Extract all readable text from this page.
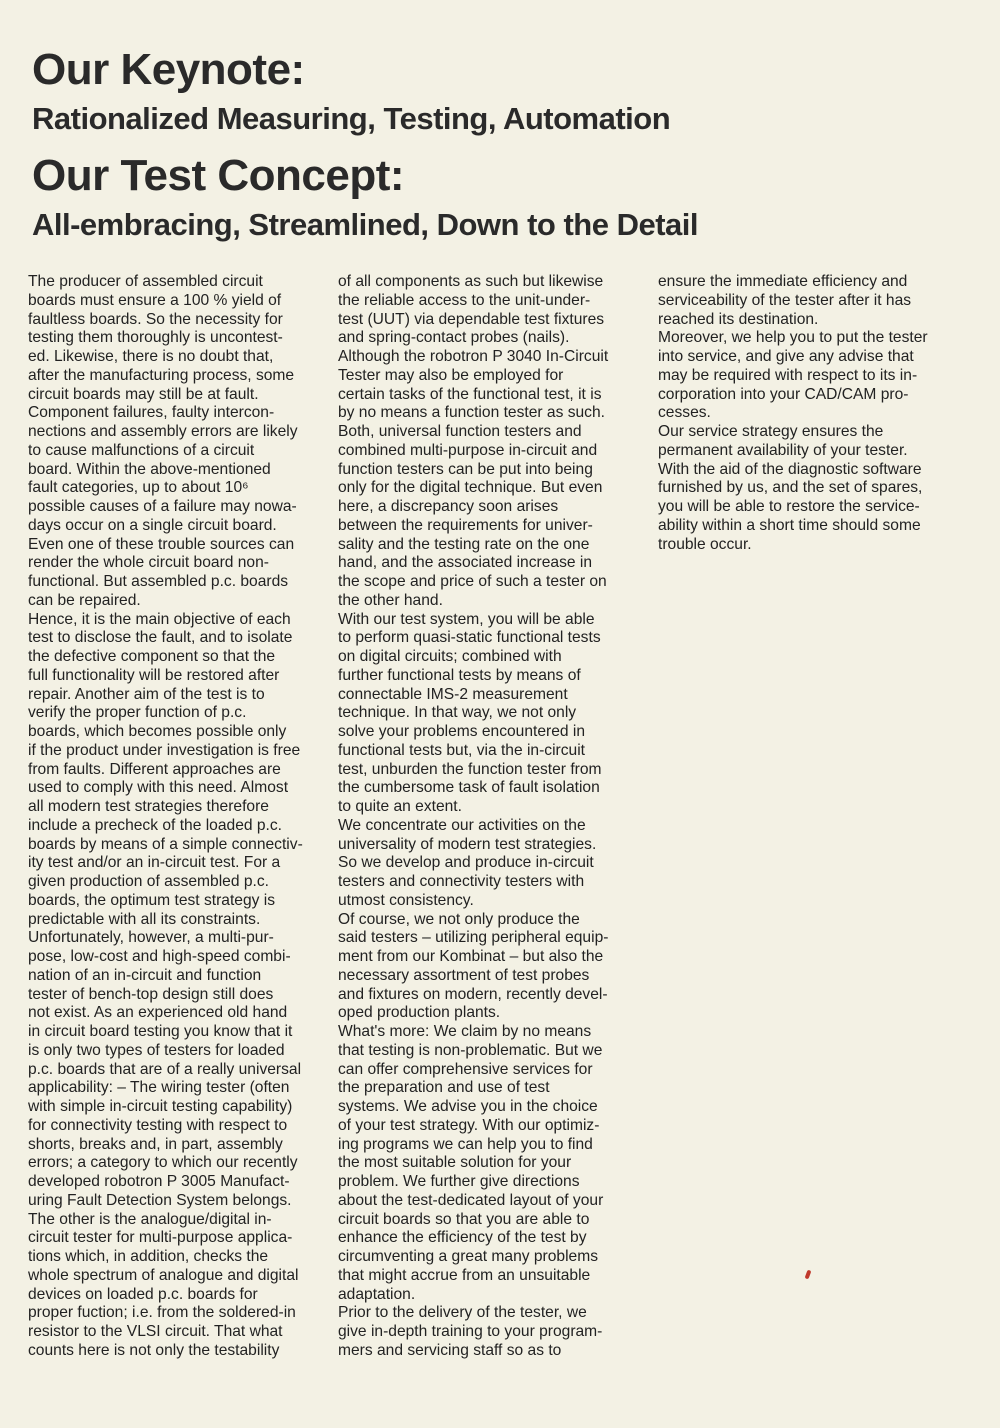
Our Keynote:
Rationalized Measuring, Testing, Automation
Our Test Concept:
All-embracing, Streamlined, Down to the Detail

The producer of assembled circuit
boards must ensure a 100 % yield of
faultless boards. So the necessity for
testing them thoroughly is uncontest-
ed. Likewise, there is no doubt that,
after the manufacturing process, some
circuit boards may still be at fault.
Component failures, faulty intercon-
nections and assembly errors are likely
to cause malfunctions of a circuit
board. Within the above-mentioned
fault categories, up to about 10⁶
possible causes of a failure may nowa-
days occur on a single circuit board.
Even one of these trouble sources can
render the whole circuit board non-
functional. But assembled p.c. boards
can be repaired.

Hence, it is the main objective of each
test to disclose the fault, and to isolate
the defective component so that the
full functionality will be restored after
repair. Another aim of the test is to
verify the proper function of p.c.
boards, which becomes possible only
if the product under investigation is free
from faults. Different approaches are
used to comply with this need. Almost
all modern test strategies therefore
include a precheck of the loaded p.c.
boards by means of a simple connectiv-
ity test and/or an in-circuit test. For a
given production of assembled p.c.
boards, the optimum test strategy is
predictable with all its constraints.
Unfortunately, however, a multi-pur-
pose, low-cost and high-speed combi-
nation of an in-circuit and function
tester of bench-top design still does
not exist. As an experienced old hand
in circuit board testing you know that it
is only two types of testers for loaded
p.c. boards that are of a really universal
applicability: – The wiring tester (often
with simple in-circuit testing capability)
for connectivity testing with respect to
shorts, breaks and, in part, assembly
errors; a category to which our recently
developed robotron P 3005 Manufact-
uring Fault Detection System belongs.
The other is the analogue/digital in-
circuit tester for multi-purpose applica-
tions which, in addition, checks the
whole spectrum of analogue and digital
devices on loaded p.c. boards for
proper fuction; i.e. from the soldered-in
resistor to the VLSI circuit. That what
counts here is not only the testability

of all components as such but likewise
the reliable access to the unit-under-
test (UUT) via dependable test fixtures
and spring-contact probes (nails).
Although the robotron P 3040 In-Circuit
Tester may also be employed for
certain tasks of the functional test, it is
by no means a function tester as such.
Both, universal function testers and
combined multi-purpose in-circuit and
function testers can be put into being
only for the digital technique. But even
here, a discrepancy soon arises
between the requirements for univer-
sality and the testing rate on the one
hand, and the associated increase in
the scope and price of such a tester on
the other hand.

With our test system, you will be able
to perform quasi-static functional tests
on digital circuits; combined with
further functional tests by means of
connectable IMS-2 measurement
technique. In that way, we not only
solve your problems encountered in
functional tests but, via the in-circuit
test, unburden the function tester from
the cumbersome task of fault isolation
to quite an extent.

We concentrate our activities on the
universality of modern test strategies.
So we develop and produce in-circuit
testers and connectivity testers with
utmost consistency.

Of course, we not only produce the
said testers – utilizing peripheral equip-
ment from our Kombinat – but also the
necessary assortment of test probes
and fixtures on modern, recently devel-
oped production plants.

What's more: We claim by no means
that testing is non-problematic. But we
can offer comprehensive services for
the preparation and use of test
systems. We advise you in the choice
of your test strategy. With our optimiz-
ing programs we can help you to find
the most suitable solution for your
problem. We further give directions
about the test-dedicated layout of your
circuit boards so that you are able to
enhance the efficiency of the test by
circumventing a great many problems
that might accrue from an unsuitable
adaptation.

Prior to the delivery of the tester, we
give in-depth training to your program-
mers and servicing staff so as to

ensure the immediate efficiency and
serviceability of the tester after it has
reached its destination.

Moreover, we help you to put the tester
into service, and give any advise that
may be required with respect to its in-
corporation into your CAD/CAM pro-
cesses.

Our service strategy ensures the
permanent availability of your tester.
With the aid of the diagnostic software
furnished by us, and the set of spares,
you will be able to restore the service-
ability within a short time should some
trouble occur.
